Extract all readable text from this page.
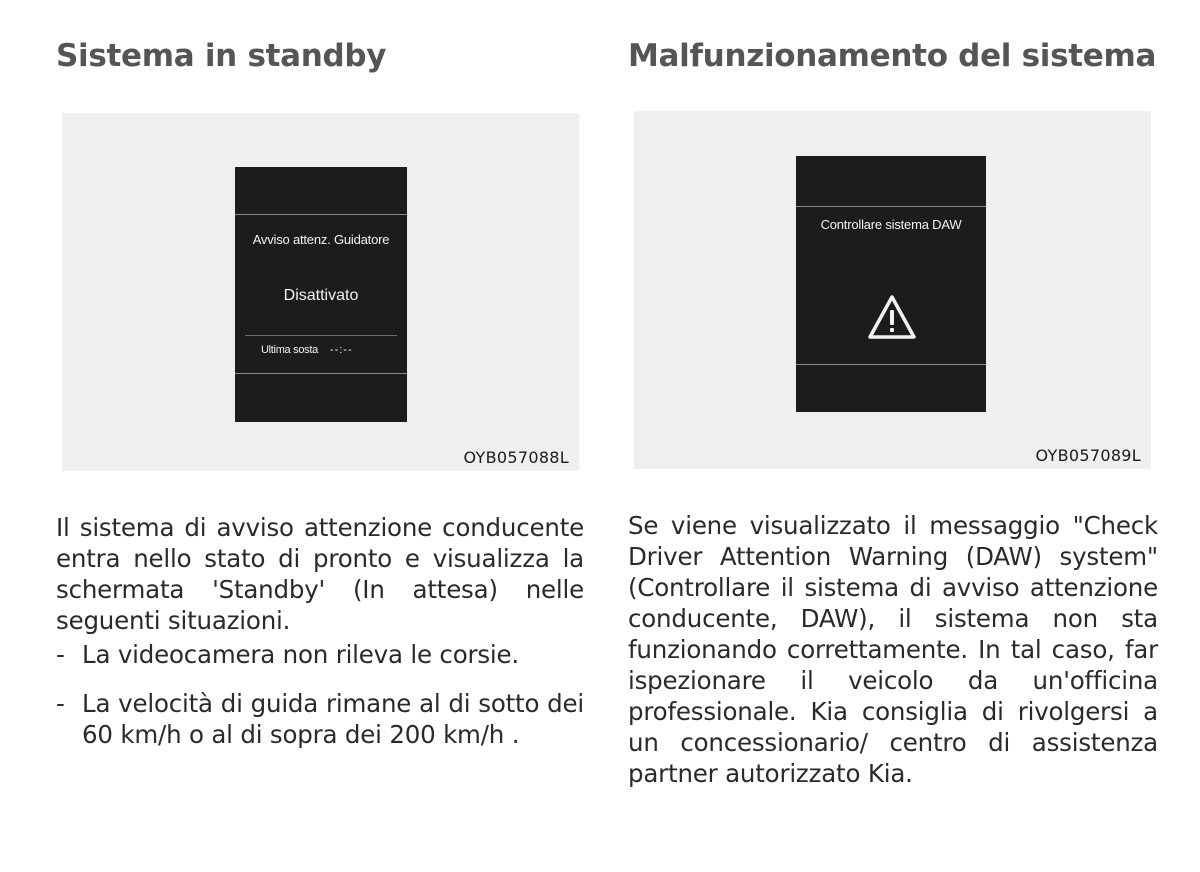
Sistema in standby
Avviso attenz. Guidatore
Disattivato
Ultima sosta --:--
OYB057088L
Il sistema di avviso attenzione conducente entra nello stato di pronto e visualizza la schermata 'Standby' (In attesa) nelle seguenti situazioni.
- La videocamera non rileva le corsie.
- La velocità di guida rimane al di sotto dei 60 km/h o al di sopra dei 200 km/h .
Malfunzionamento del sistema
Controllare sistema DAW
OYB057089L
Se viene visualizzato il messaggio "Check Driver Attention Warning (DAW) system" (Controllare il sistema di avviso attenzione conducente, DAW), il sistema non sta funzionando correttamente. In tal caso, far ispezionare il veicolo da un'officina professionale. Kia consiglia di rivolgersi a un concessionario/ centro di assistenza partner autorizzato Kia.
